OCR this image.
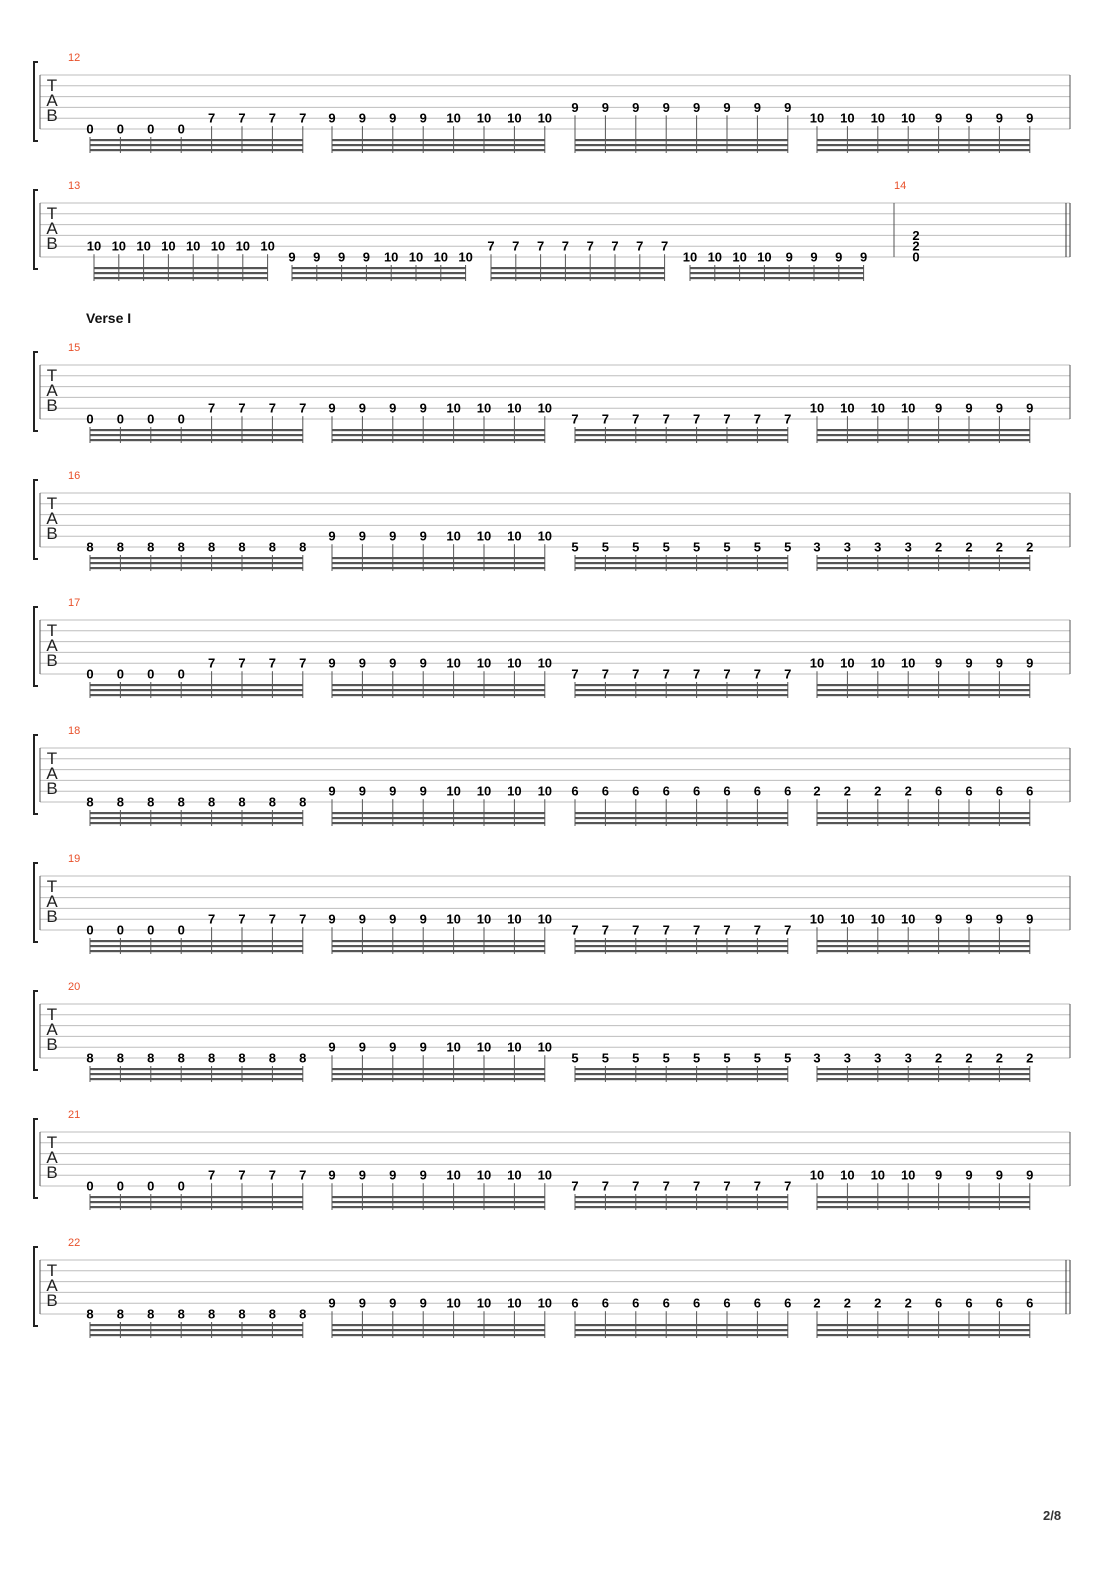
T
A
B
12
0 0 0 0
7 7 7 7 9 9 9 9 10 10 10 10
9 9 9 9 9 9 9 9
10 10 10 10 9 9 9 9
T
A
B
13
10 10 10 10 10 10 10 10
9 9 9 9 10 10 10 10
7 7 7 7 7 7 7 7
10 10 10 10 9 9 9 9
14
2
2
0
T
A
B
15
0 0 0 0
7 7 7 7 9 9 9 9 10 10 10 10
7 7 7 7 7 7 7 7
10 10 10 10 9 9 9 9
T
A
B
16
8 8 8 8 8 8 8 8
9 9 9 9 10 10 10 10
5 5 5 5 5 5 5 5 3 3 3 3 2 2 2 2
T
A
B
17
0 0 0 0
7 7 7 7 9 9 9 9 10 10 10 10
7 7 7 7 7 7 7 7
10 10 10 10 9 9 9 9
T
A
B
18
8 8 8 8 8 8 8 8
9 9 9 9 10 10 10 10 6 6 6 6 6 6 6 6 2 2 2 2 6 6 6 6
T
A
B
19
0 0 0 0
7 7 7 7 9 9 9 9 10 10 10 10
7 7 7 7 7 7 7 7
10 10 10 10 9 9 9 9
T
A
B
20
8 8 8 8 8 8 8 8
9 9 9 9 10 10 10 10
5 5 5 5 5 5 5 5 3 3 3 3 2 2 2 2
T
A
B
21
0 0 0 0
7 7 7 7 9 9 9 9 10 10 10 10
7 7 7 7 7 7 7 7
10 10 10 10 9 9 9 9
T
A
B
22
8 8 8 8 8 8 8 8
9 9 9 9 10 10 10 10 6 6 6 6 6 6 6 6 2 2 2 2 6 6 6 6
Verse I
2/8
